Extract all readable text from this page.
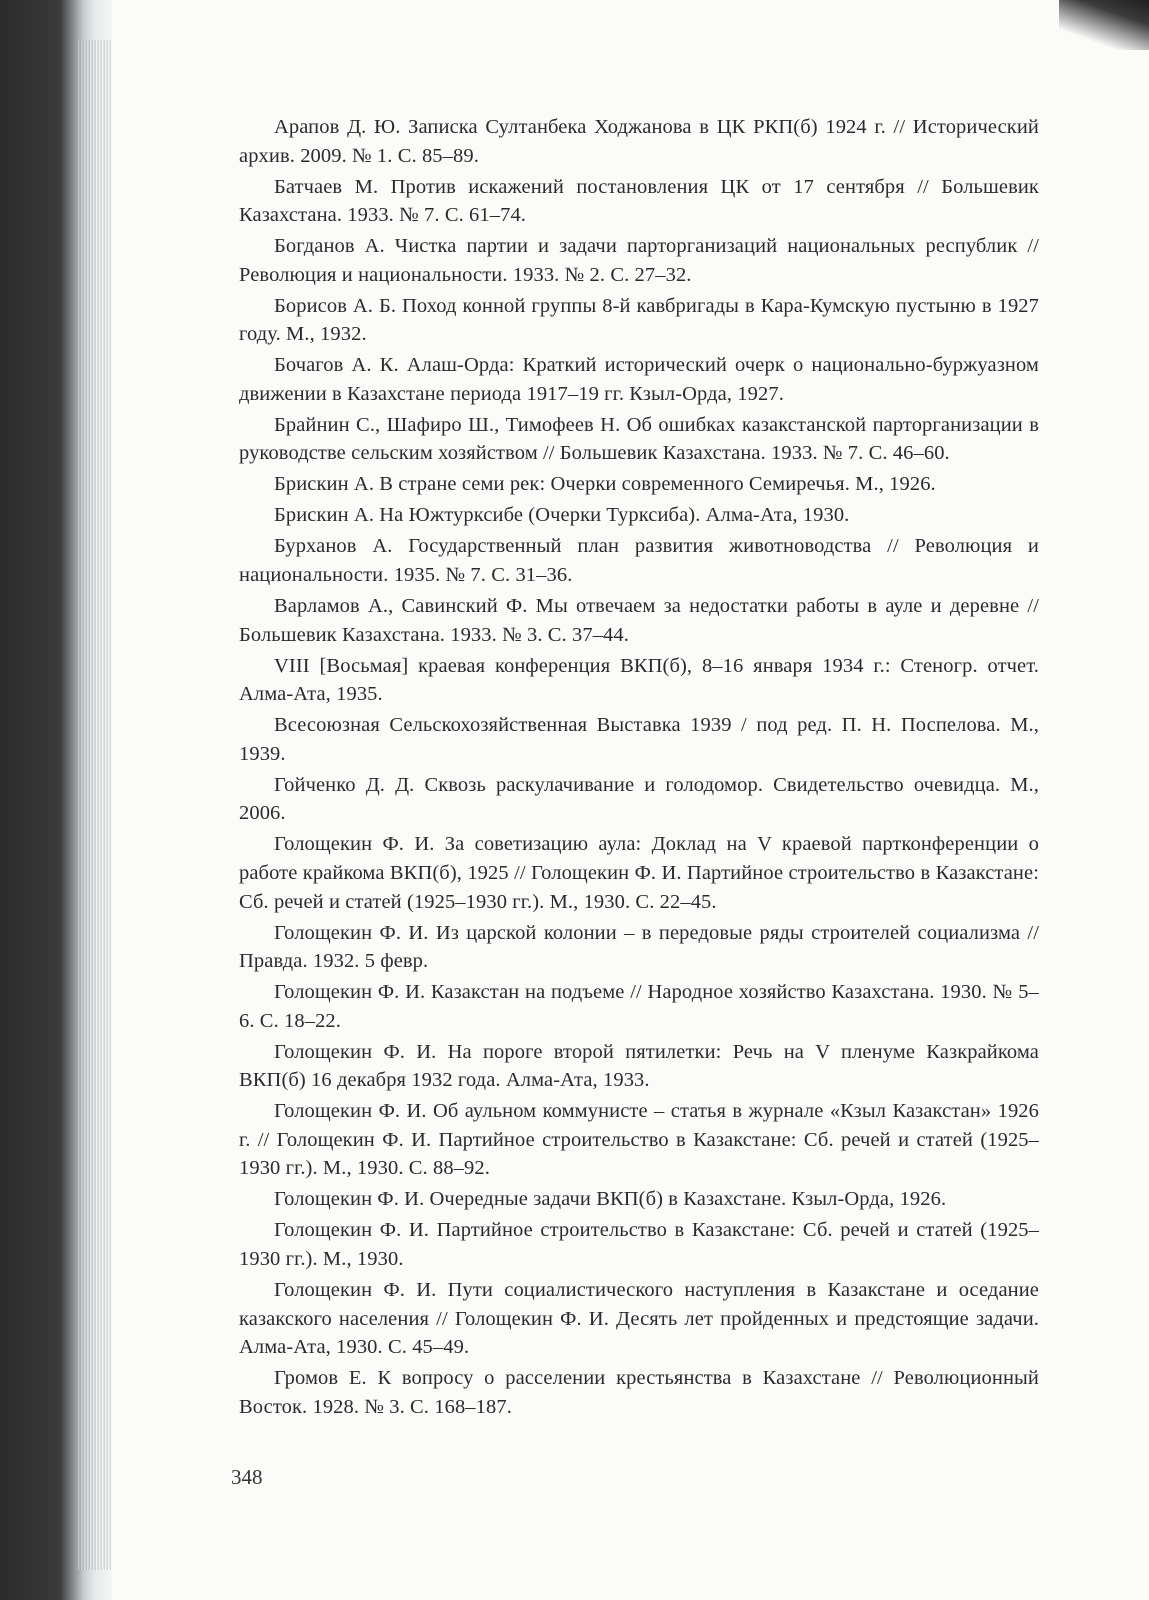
Арапов Д. Ю. Записка Султанбека Ходжанова в ЦК РКП(б) 1924 г. // Исторический архив. 2009. № 1. С. 85–89.

Батчаев М. Против искажений постановления ЦК от 17 сентября // Большевик Казахстана. 1933. № 7. С. 61–74.

Богданов А. Чистка партии и задачи парторганизаций национальных республик // Революция и национальности. 1933. № 2. С. 27–32.

Борисов А. Б. Поход конной группы 8-й кавбригады в Кара-Кумскую пустыню в 1927 году. М., 1932.

Бочагов А. К. Алаш-Орда: Краткий исторический очерк о национально-буржуазном движении в Казахстане периода 1917–19 гг. Кзыл-Орда, 1927.

Брайнин С., Шафиро Ш., Тимофеев Н. Об ошибках казакстанской парторганизации в руководстве сельским хозяйством // Большевик Казахстана. 1933. № 7. С. 46–60.

Брискин А. В стране семи рек: Очерки современного Семиречья. М., 1926.

Брискин А. На Южтурксибе (Очерки Турксиба). Алма-Ата, 1930.

Бурханов А. Государственный план развития животноводства // Революция и национальности. 1935. № 7. С. 31–36.

Варламов А., Савинский Ф. Мы отвечаем за недостатки работы в ауле и деревне // Большевик Казахстана. 1933. № 3. С. 37–44.

VIII [Восьмая] краевая конференция ВКП(б), 8–16 января 1934 г.: Стеногр. отчет. Алма-Ата, 1935.

Всесоюзная Сельскохозяйственная Выставка 1939 / под ред. П. Н. Поспелова. М., 1939.

Гойченко Д. Д. Сквозь раскулачивание и голодомор. Свидетельство очевидца. М., 2006.

Голощекин Ф. И. За советизацию аула: Доклад на V краевой партконференции о работе крайкома ВКП(б), 1925 // Голощекин Ф. И. Партийное строительство в Казакстане: Сб. речей и статей (1925–1930 гг.). М., 1930. С. 22–45.

Голощекин Ф. И. Из царской колонии – в передовые ряды строителей социализма // Правда. 1932. 5 февр.

Голощекин Ф. И. Казакстан на подъеме // Народное хозяйство Казахстана. 1930. № 5–6. С. 18–22.

Голощекин Ф. И. На пороге второй пятилетки: Речь на V пленуме Казкрайкома ВКП(б) 16 декабря 1932 года. Алма-Ата, 1933.

Голощекин Ф. И. Об аульном коммунисте – статья в журнале «Кзыл Казакстан» 1926 г. // Голощекин Ф. И. Партийное строительство в Казакстане: Сб. речей и статей (1925–1930 гг.). М., 1930. С. 88–92.

Голощекин Ф. И. Очередные задачи ВКП(б) в Казахстане. Кзыл-Орда, 1926.

Голощекин Ф. И. Партийное строительство в Казакстане: Сб. речей и статей (1925–1930 гг.). М., 1930.

Голощекин Ф. И. Пути социалистического наступления в Казакстане и оседание казакского населения // Голощекин Ф. И. Десять лет пройденных и предстоящие задачи. Алма-Ата, 1930. С. 45–49.

Громов Е. К вопросу о расселении крестьянства в Казахстане // Революционный Восток. 1928. № 3. С. 168–187.

348
